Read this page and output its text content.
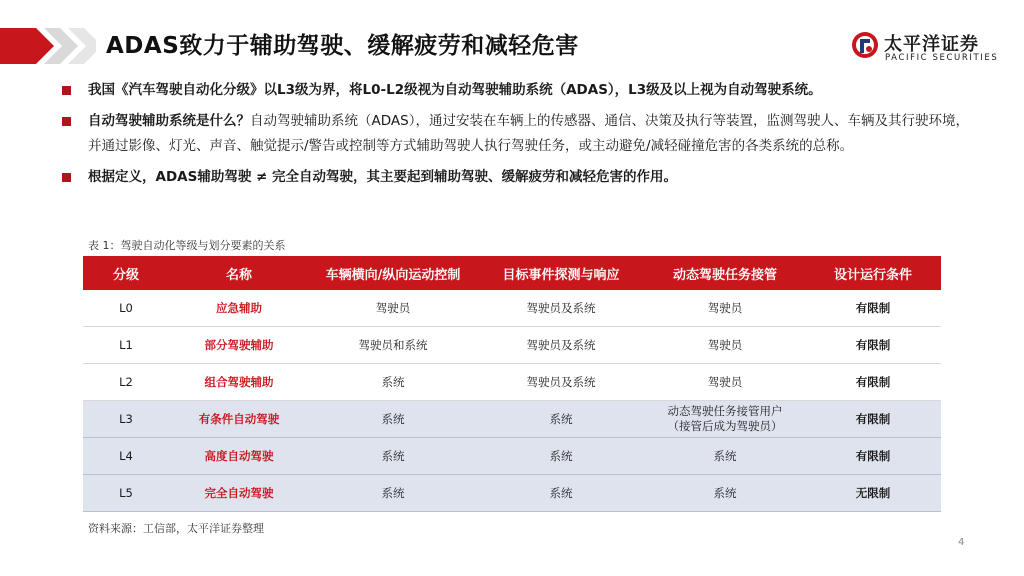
ADAS致力于辅助驾驶、缓解疲劳和减轻危害	太平洋证券
PACIFIC SECURITIES
我国《汽车驾驶自动化分级》以L3级为界，将L0-L2级视为自动驾驶辅助系统（ADAS），L3级及以上视为自动驾驶系统。
自动驾驶辅助系统是什么？自动驾驶辅助系统（ADAS），通过安装在车辆上的传感器、通信、决策及执行等装置，监测驾驶人、车辆及其行驶环境，并通过影像、灯光、声音、触觉提示/警告或控制等方式辅助驾驶人执行驾驶任务，或主动避免/减轻碰撞危害的各类系统的总称。
根据定义，ADAS辅助驾驶 ≠ 完全自动驾驶，其主要起到辅助驾驶、缓解疲劳和减轻危害的作用。
表 1：驾驶自动化等级与划分要素的关系
分级	名称	车辆横向/纵向运动控制	目标事件探测与响应	动态驾驶任务接管	设计运行条件
L0	应急辅助	驾驶员	驾驶员及系统	驾驶员	有限制
L1	部分驾驶辅助	驾驶员和系统	驾驶员及系统	驾驶员	有限制
L2	组合驾驶辅助	系统	驾驶员及系统	驾驶员	有限制
L3	有条件自动驾驶	系统	系统	动态驾驶任务接管用户
（接管后成为驾驶员）	有限制
L4	高度自动驾驶	系统	系统	系统	有限制
L5	完全自动驾驶	系统	系统	系统	无限制
资料来源：工信部，太平洋证券整理
4
